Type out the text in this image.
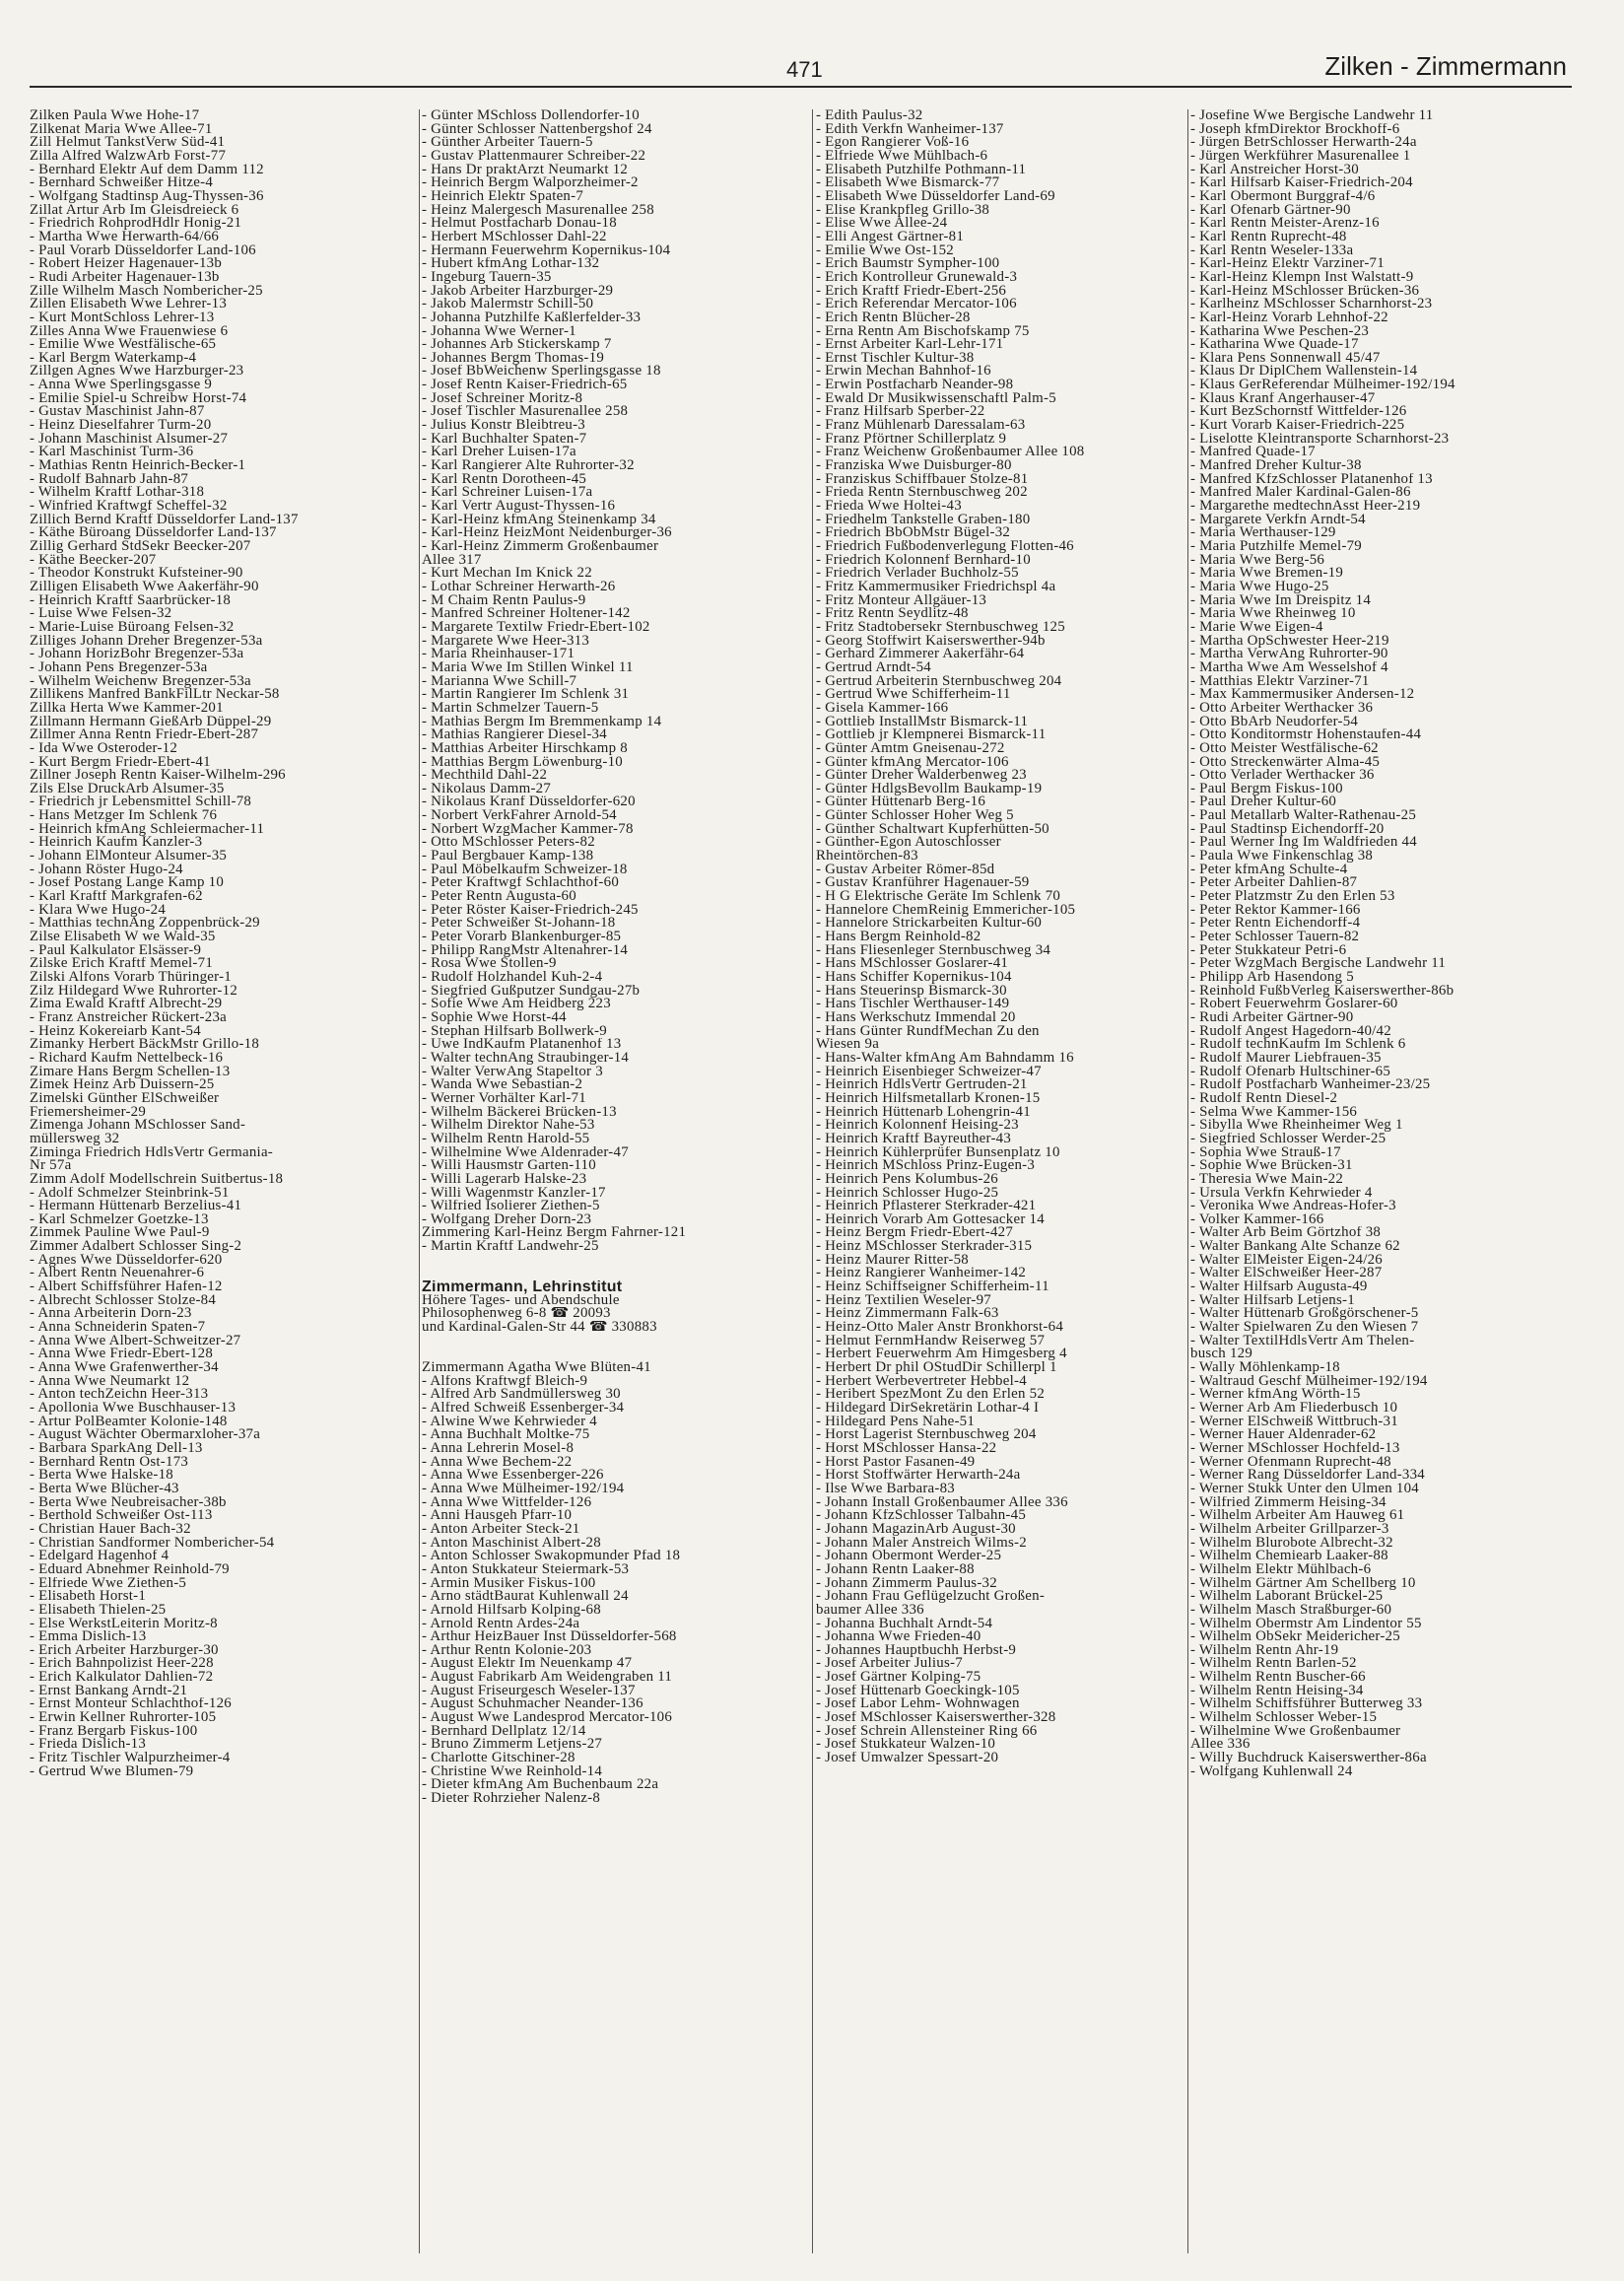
471	Zilken - Zimmermann
Zilken Paula Wwe Hohe-17
Zilkenat Maria Wwe Allee-71
Zill Helmut TankstVerw Süd-41
Zilla Alfred WalzwArb Forst-77
- Bernhard Elektr Auf dem Damm 112
- Bernhard Schweißer Hitze-4
- Wolfgang Stadtinsp Aug-Thyssen-36
Zillat Artur Arb Im Gleisdreieck 6
- Friedrich RohprodHdlr Honig-21
- Martha Wwe Herwarth-64/66
- Paul Vorarb Düsseldorfer Land-106
- Robert Heizer Hagenauer-13b
- Rudi Arbeiter Hagenauer-13b
Zille Wilhelm Masch Nombericher-25
Zillen Elisabeth Wwe Lehrer-13
- Kurt MontSchloss Lehrer-13
Zilles Anna Wwe Frauenwiese 6
- Emilie Wwe Westfälische-65
- Karl Bergm Waterkamp-4
Zillgen Agnes Wwe Harzburger-23
- Anna Wwe Sperlingsgasse 9
- Emilie Spiel-u Schreibw Horst-74
- Gustav Maschinist Jahn-87
- Heinz Dieselfahrer Turm-20
- Johann Maschinist Alsumer-27
- Karl Maschinist Turm-36
- Mathias Rentn Heinrich-Becker-1
- Rudolf Bahnarb Jahn-87
- Wilhelm Kraftf Lothar-318
- Winfried Kraftwgf Scheffel-32
Zillich Bernd Kraftf Düsseldorfer Land-137
- Käthe Büroang Düsseldorfer Land-137
Zillig Gerhard StdSekr Beecker-207
- Käthe Beecker-207
- Theodor Konstrukt Kufsteiner-90
Zilligen Elisabeth Wwe Aakerfähr-90
- Heinrich Kraftf Saarbrücker-18
- Luise Wwe Felsen-32
- Marie-Luise Büroang Felsen-32
Zilliges Johann Dreher Bregenzer-53a
- Johann HorizBohr Bregenzer-53a
- Johann Pens Bregenzer-53a
- Wilhelm Weichenw Bregenzer-53a
Zillikens Manfred BankFilLtr Neckar-58
Zillka Herta Wwe Kammer-201
Zillmann Hermann GießArb Düppel-29
Zillmer Anna Rentn Friedr-Ebert-287
- Ida Wwe Osteroder-12
- Kurt Bergm Friedr-Ebert-41
Zillner Joseph Rentn Kaiser-Wilhelm-296
Zils Else DruckArb Alsumer-35
- Friedrich jr Lebensmittel Schill-78
- Hans Metzger Im Schlenk 76
- Heinrich kfmAng Schleiermacher-11
- Heinrich Kaufm Kanzler-3
- Johann ElMonteur Alsumer-35
- Johann Röster Hugo-24
- Josef Postang Lange Kamp 10
- Karl Kraftf Markgrafen-62
- Klara Wwe Hugo-24
- Matthias technAng Zoppenbrück-29
Zilse Elisabeth W we Wald-35
- Paul Kalkulator Elsässer-9
Zilske Erich Kraftf Memel-71
Zilski Alfons Vorarb Thüringer-1
Zilz Hildegard Wwe Ruhrorter-12
Zima Ewald Kraftf Albrecht-29
- Franz Anstreicher Rückert-23a
- Heinz Kokereiarb Kant-54
Zimanky Herbert BäckMstr Grillo-18
- Richard Kaufm Nettelbeck-16
Zimare Hans Bergm Schellen-13
Zimek Heinz Arb Duissern-25
Zimelski Günther ElSchweißer
Friemersheimer-29
Zimenga Johann MSchlosser Sand-
müllersweg 32
Ziminga Friedrich HdlsVertr Germania-
Nr 57a
Zimm Adolf Modellschrein Suitbertus-18
- Adolf Schmelzer Steinbrink-51
- Hermann Hüttenarb Berzelius-41
- Karl Schmelzer Goetzke-13
Zimmek Pauline Wwe Paul-9
Zimmer Adalbert Schlosser Sing-2
- Agnes Wwe Düsseldorfer-620
- Albert Rentn Neuenahrer-6
- Albert Schiffsführer Hafen-12
- Albrecht Schlosser Stolze-84
- Anna Arbeiterin Dorn-23
- Anna Schneiderin Spaten-7
- Anna Wwe Albert-Schweitzer-27
- Anna Wwe Friedr-Ebert-128
- Anna Wwe Grafenwerther-34
- Anna Wwe Neumarkt 12
- Anton techZeichn Heer-313
- Apollonia Wwe Buschhauser-13
- Artur PolBeamter Kolonie-148
- August Wächter Obermarxloher-37a
- Barbara SparkAng Dell-13
- Bernhard Rentn Ost-173
- Berta Wwe Halske-18
- Berta Wwe Blücher-43
- Berta Wwe Neubreisacher-38b
- Berthold Schweißer Ost-113
- Christian Hauer Bach-32
- Christian Sandformer Nombericher-54
- Edelgard Hagenhof 4
- Eduard Abnehmer Reinhold-79
- Elfriede Wwe Ziethen-5
- Elisabeth Horst-1
- Elisabeth Thielen-25
- Else WerkstLeiterin Moritz-8
- Emma Dislich-13
- Erich Arbeiter Harzburger-30
- Erich Bahnpolizist Heer-228
- Erich Kalkulator Dahlien-72
- Ernst Bankang Arndt-21
- Ernst Monteur Schlachthof-126
- Erwin Kellner Ruhrorter-105
- Franz Bergarb Fiskus-100
- Frieda Dislich-13
- Fritz Tischler Walpurzheimer-4
- Gertrud Wwe Blumen-79
- Günter MSchloss Dollendorfer-10
- Günter Schlosser Nattenbergshof 24
- Günther Arbeiter Tauern-5
- Gustav Plattenmaurer Schreiber-22
- Hans Dr praktArzt Neumarkt 12
- Heinrich Bergm Walporzheimer-2
- Heinrich Elektr Spaten-7
- Heinz Malergesch Masurenallee 258
- Helmut Postfacharb Donau-18
- Herbert MSchlosser Dahl-22
- Hermann Feuerwehrm Kopernikus-104
- Hubert kfmAng Lothar-132
- Ingeburg Tauern-35
- Jakob Arbeiter Harzburger-29
- Jakob Malermstr Schill-50
- Johanna Putzhilfe Kaßlerfelder-33
- Johanna Wwe Werner-1
- Johannes Arb Stickerskamp 7
- Johannes Bergm Thomas-19
- Josef BbWeichenw Sperlingsgasse 18
- Josef Rentn Kaiser-Friedrich-65
- Josef Schreiner Moritz-8
- Josef Tischler Masurenallee 258
- Julius Konstr Bleibtreu-3
- Karl Buchhalter Spaten-7
- Karl Dreher Luisen-17a
- Karl Rangierer Alte Ruhrorter-32
- Karl Rentn Dorotheen-45
- Karl Schreiner Luisen-17a
- Karl Vertr August-Thyssen-16
- Karl-Heinz kfmAng Steinenkamp 34
- Karl-Heinz HeizMont Neidenburger-36
- Karl-Heinz Zimmerm Großenbaumer
Allee 317
- Kurt Mechan Im Knick 22
- Lothar Schreiner Herwarth-26
- M Chaim Rentn Paulus-9
- Manfred Schreiner Holtener-142
- Margarete Textilw Friedr-Ebert-102
- Margarete Wwe Heer-313
- Maria Rheinhauser-171
- Maria Wwe Im Stillen Winkel 11
- Marianna Wwe Schill-7
- Martin Rangierer Im Schlenk 31
- Martin Schmelzer Tauern-5
- Mathias Bergm Im Bremmenkamp 14
- Mathias Rangierer Diesel-34
- Matthias Arbeiter Hirschkamp 8
- Matthias Bergm Löwenburg-10
- Mechthild Dahl-22
- Nikolaus Damm-27
- Nikolaus Kranf Düsseldorfer-620
- Norbert VerkFahrer Arnold-54
- Norbert WzgMacher Kammer-78
- Otto MSchlosser Peters-82
- Paul Bergbauer Kamp-138
- Paul Möbelkaufm Schweizer-18
- Peter Kraftwgf Schlachthof-60
- Peter Rentn Augusta-60
- Peter Röster Kaiser-Friedrich-245
- Peter Schweißer St-Johann-18
- Peter Vorarb Blankenburger-85
- Philipp RangMstr Altenahrer-14
- Rosa Wwe Stollen-9
- Rudolf Holzhandel Kuh-2-4
- Siegfried Gußputzer Sundgau-27b
- Sofie Wwe Am Heidberg 223
- Sophie Wwe Horst-44
- Stephan Hilfsarb Bollwerk-9
- Uwe IndKaufm Platanenhof 13
- Walter technAng Straubinger-14
- Walter VerwAng Stapeltor 3
- Wanda Wwe Sebastian-2
- Werner Vorhälter Karl-71
- Wilhelm Bäckerei Brücken-13
- Wilhelm Direktor Nahe-53
- Wilhelm Rentn Harold-55
- Wilhelmine Wwe Aldenrader-47
- Willi Hausmstr Garten-110
- Willi Lagerarb Halske-23
- Willi Wagenmstr Kanzler-17
- Wilfried Isolierer Ziethen-5
- Wolfgang Dreher Dorn-23
Zimmering Karl-Heinz Bergm Fahrner-121
- Martin Kraftf Landwehr-25
Zimmermann, Lehrinstitut
Höhere Tages- und Abendschule
Philosophenweg 6-8 ☎ 20093
und Kardinal-Galen-Str 44 ☎ 330883
Zimmermann Agatha Wwe Blüten-41
- Alfons Kraftwgf Bleich-9
- Alfred Arb Sandmüllersweg 30
- Alfred Schweiß Essenberger-34
- Alwine Wwe Kehrwieder 4
- Anna Buchhalt Moltke-75
- Anna Lehrerin Mosel-8
- Anna Wwe Bechem-22
- Anna Wwe Essenberger-226
- Anna Wwe Mülheimer-192/194
- Anna Wwe Wittfelder-126
- Anni Hausgeh Pfarr-10
- Anton Arbeiter Steck-21
- Anton Maschinist Albert-28
- Anton Schlosser Swakopmunder Pfad 18
- Anton Stukkateur Steiermark-53
- Armin Musiker Fiskus-100
- Arno städtBaurat Kuhlenwall 24
- Arnold Hilfsarb Kolping-68
- Arnold Rentn Ardes-24a
- Arthur HeizBauer Inst Düsseldorfer-568
- Arthur Rentn Kolonie-203
- August Elektr Im Neuenkamp 47
- August Fabrikarb Am Weidengraben 11
- August Friseurgesch Weseler-137
- August Schuhmacher Neander-136
- August Wwe Landesprod Mercator-106
- Bernhard Dellplatz 12/14
- Bruno Zimmerm Letjens-27
- Charlotte Gitschiner-28
- Christine Wwe Reinhold-14
- Dieter kfmAng Am Buchenbaum 22a
- Dieter Rohrzieher Nalenz-8
- Edith Paulus-32
- Edith Verkfn Wanheimer-137
- Egon Rangierer Voß-16
- Elfriede Wwe Mühlbach-6
- Elisabeth Putzhilfe Pothmann-11
- Elisabeth Wwe Bismarck-77
- Elisabeth Wwe Düsseldorfer Land-69
- Elise Krankpfleg Grillo-38
- Elise Wwe Allee-24
- Elli Angest Gärtner-81
- Emilie Wwe Ost-152
- Erich Baumstr Sympher-100
- Erich Kontrolleur Grunewald-3
- Erich Kraftf Friedr-Ebert-256
- Erich Referendar Mercator-106
- Erich Rentn Blücher-28
- Erna Rentn Am Bischofskamp 75
- Ernst Arbeiter Karl-Lehr-171
- Ernst Tischler Kultur-38
- Erwin Mechan Bahnhof-16
- Erwin Postfacharb Neander-98
- Ewald Dr Musikwissenschaftl Palm-5
- Franz Hilfsarb Sperber-22
- Franz Mühlenarb Daressalam-63
- Franz Pförtner Schillerplatz 9
- Franz Weichenw Großenbaumer Allee 108
- Franziska Wwe Duisburger-80
- Franziskus Schiffbauer Stolze-81
- Frieda Rentn Sternbuschweg 202
- Frieda Wwe Holtei-43
- Friedhelm Tankstelle Graben-180
- Friedrich BbObMstr Bügel-32
- Friedrich Fußbodenverlegung Flotten-46
- Friedrich Kolonnenf Bernhard-10
- Friedrich Verlader Buchholz-55
- Fritz Kammermusiker Friedrichspl 4a
- Fritz Monteur Allgäuer-13
- Fritz Rentn Seydlitz-48
- Fritz Stadtobersekr Sternbuschweg 125
- Georg Stoffwirt Kaiserswerther-94b
- Gerhard Zimmerer Aakerfähr-64
- Gertrud Arndt-54
- Gertrud Arbeiterin Sternbuschweg 204
- Gertrud Wwe Schifferheim-11
- Gisela Kammer-166
- Gottlieb InstallMstr Bismarck-11
- Gottlieb jr Klempnerei Bismarck-11
- Günter Amtm Gneisenau-272
- Günter kfmAng Mercator-106
- Günter Dreher Walderbenweg 23
- Günter HdlgsBevollm Baukamp-19
- Günter Hüttenarb Berg-16
- Günter Schlosser Hoher Weg 5
- Günther Schaltwart Kupferhütten-50
- Günther-Egon Autoschlosser
Rheintörchen-83
- Gustav Arbeiter Römer-85d
- Gustav Kranführer Hagenauer-59
- H G Elektrische Geräte Im Schlenk 70
- Hannelore ChemReinig Emmericher-105
- Hannelore Strickarbeiten Kultur-60
- Hans Bergm Reinhold-82
- Hans Fliesenleger Sternbuschweg 34
- Hans MSchlosser Goslarer-41
- Hans Schiffer Kopernikus-104
- Hans Steuerinsp Bismarck-30
- Hans Tischler Werthauser-149
- Hans Werkschutz Immendal 20
- Hans Günter RundfMechan Zu den
Wiesen 9a
- Hans-Walter kfmAng Am Bahndamm 16
- Heinrich Eisenbieger Schweizer-47
- Heinrich HdlsVertr Gertruden-21
- Heinrich Hilfsmetallarb Kronen-15
- Heinrich Hüttenarb Lohengrin-41
- Heinrich Kolonnenf Heising-23
- Heinrich Kraftf Bayreuther-43
- Heinrich Kühlerprüfer Bunsenplatz 10
- Heinrich MSchloss Prinz-Eugen-3
- Heinrich Pens Kolumbus-26
- Heinrich Schlosser Hugo-25
- Heinrich Pflasterer Sterkrader-421
- Heinrich Vorarb Am Gottesacker 14
- Heinz Bergm Friedr-Ebert-427
- Heinz MSchlosser Sterkrader-315
- Heinz Maurer Ritter-58
- Heinz Rangierer Wanheimer-142
- Heinz Schiffseigner Schifferheim-11
- Heinz Textilien Weseler-97
- Heinz Zimmermann Falk-63
- Heinz-Otto Maler Anstr Bronkhorst-64
- Helmut FernmHandw Reiserweg 57
- Herbert Feuerwehrm Am Himgesberg 4
- Herbert Dr phil OStudDir Schillerpl 1
- Herbert Werbevertreter Hebbel-4
- Heribert SpezMont Zu den Erlen 52
- Hildegard DirSekretärin Lothar-4 I
- Hildegard Pens Nahe-51
- Horst Lagerist Sternbuschweg 204
- Horst MSchlosser Hansa-22
- Horst Pastor Fasanen-49
- Horst Stoffwärter Herwarth-24a
- Ilse Wwe Barbara-83
- Johann Install Großenbaumer Allee 336
- Johann KfzSchlosser Talbahn-45
- Johann MagazinArb August-30
- Johann Maler Anstreich Wilms-2
- Johann Obermont Werder-25
- Johann Rentn Laaker-88
- Johann Zimmerm Paulus-32
- Johann Frau Geflügelzucht Großen-
baumer Allee 336
- Johanna Buchhalt Arndt-54
- Johanna Wwe Frieden-40
- Johannes Hauptbuchh Herbst-9
- Josef Arbeiter Julius-7
- Josef Gärtner Kolping-75
- Josef Hüttenarb Goeckingk-105
- Josef Labor Lehm- Wohnwagen
- Josef MSchlosser Kaiserswerther-328
- Josef Schrein Allensteiner Ring 66
- Josef Stukkateur Walzen-10
- Josef Umwalzer Spessart-20
- Josefine Wwe Bergische Landwehr 11
- Joseph kfmDirektor Brockhoff-6
- Jürgen BetrSchlosser Herwarth-24a
- Jürgen Werkführer Masurenallee 1
- Karl Anstreicher Horst-30
- Karl Hilfsarb Kaiser-Friedrich-204
- Karl Obermont Burggraf-4/6
- Karl Ofenarb Gärtner-90
- Karl Rentn Meister-Arenz-16
- Karl Rentn Ruprecht-48
- Karl Rentn Weseler-133a
- Karl-Heinz Elektr Varziner-71
- Karl-Heinz Klempn Inst Walstatt-9
- Karl-Heinz MSchlosser Brücken-36
- Karlheinz MSchlosser Scharnhorst-23
- Karl-Heinz Vorarb Lehnhof-22
- Katharina Wwe Peschen-23
- Katharina Wwe Quade-17
- Klara Pens Sonnenwall 45/47
- Klaus Dr DiplChem Wallenstein-14
- Klaus GerReferendar Mülheimer-192/194
- Klaus Kranf Angerhauser-47
- Kurt BezSchornstf Wittfelder-126
- Kurt Vorarb Kaiser-Friedrich-225
- Liselotte Kleintransporte Scharnhorst-23
- Manfred Quade-17
- Manfred Dreher Kultur-38
- Manfred KfzSchlosser Platanenhof 13
- Manfred Maler Kardinal-Galen-86
- Margarethe medtechnAsst Heer-219
- Margarete Verkfn Arndt-54
- Maria Werthauser-129
- Maria Putzhilfe Memel-79
- Maria Wwe Berg-56
- Maria Wwe Bremen-19
- Maria Wwe Hugo-25
- Maria Wwe Im Dreispitz 14
- Maria Wwe Rheinweg 10
- Marie Wwe Eigen-4
- Martha OpSchwester Heer-219
- Martha VerwAng Ruhrorter-90
- Martha Wwe Am Wesselshof 4
- Matthias Elektr Varziner-71
- Max Kammermusiker Andersen-12
- Otto Arbeiter Werthacker 36
- Otto BbArb Neudorfer-54
- Otto Konditormstr Hohenstaufen-44
- Otto Meister Westfälische-62
- Otto Streckenwärter Alma-45
- Otto Verlader Werthacker 36
- Paul Bergm Fiskus-100
- Paul Dreher Kultur-60
- Paul Metallarb Walter-Rathenau-25
- Paul Stadtinsp Eichendorff-20
- Paul Werner Ing Im Waldfrieden 44
- Paula Wwe Finkenschlag 38
- Peter kfmAng Schulte-4
- Peter Arbeiter Dahlien-87
- Peter Platzmstr Zu den Erlen 53
- Peter Rektor Kammer-166
- Peter Rentn Eichendorff-4
- Peter Schlosser Tauern-82
- Peter Stukkateur Petri-6
- Peter WzgMach Bergische Landwehr 11
- Philipp Arb Hasendong 5
- Reinhold FußbVerleg Kaiserswerther-86b
- Robert Feuerwehrm Goslarer-60
- Rudi Arbeiter Gärtner-90
- Rudolf Angest Hagedorn-40/42
- Rudolf technKaufm Im Schlenk 6
- Rudolf Maurer Liebfrauen-35
- Rudolf Ofenarb Hultschiner-65
- Rudolf Postfacharb Wanheimer-23/25
- Rudolf Rentn Diesel-2
- Selma Wwe Kammer-156
- Sibylla Wwe Rheinheimer Weg 1
- Siegfried Schlosser Werder-25
- Sophia Wwe Strauß-17
- Sophie Wwe Brücken-31
- Theresia Wwe Main-22
- Ursula Verkfn Kehrwieder 4
- Veronika Wwe Andreas-Hofer-3
- Volker Kammer-166
- Walter Arb Beim Görtzhof 38
- Walter Bankang Alte Schanze 62
- Walter ElMeister Eigen-24/26
- Walter ElSchweißer Heer-287
- Walter Hilfsarb Augusta-49
- Walter Hilfsarb Letjens-1
- Walter Hüttenarb Großgörschener-5
- Walter Spielwaren Zu den Wiesen 7
- Walter TextilHdlsVertr Am Thelen-
busch 129
- Wally Möhlenkamp-18
- Waltraud Geschf Mülheimer-192/194
- Werner kfmAng Wörth-15
- Werner Arb Am Fliederbusch 10
- Werner ElSchweiß Wittbruch-31
- Werner Hauer Aldenrader-62
- Werner MSchlosser Hochfeld-13
- Werner Ofenmann Ruprecht-48
- Werner Rang Düsseldorfer Land-334
- Werner Stukk Unter den Ulmen 104
- Wilfried Zimmerm Heising-34
- Wilhelm Arbeiter Am Hauweg 61
- Wilhelm Arbeiter Grillparzer-3
- Wilhelm Blurobote Albrecht-32
- Wilhelm Chemiearb Laaker-88
- Wilhelm Elektr Mühlbach-6
- Wilhelm Gärtner Am Schellberg 10
- Wilhelm Laborant Brückel-25
- Wilhelm Masch Straßburger-60
- Wilhelm Obermstr Am Lindentor 55
- Wilhelm ObSekr Meidericher-25
- Wilhelm Rentn Ahr-19
- Wilhelm Rentn Barlen-52
- Wilhelm Rentn Buscher-66
- Wilhelm Rentn Heising-34
- Wilhelm Schiffsführer Butterweg 33
- Wilhelm Schlosser Weber-15
- Wilhelmine Wwe Großenbaumer
Allee 336
- Willy Buchdruck Kaiserswerther-86a
- Wolfgang Kuhlenwall 24
